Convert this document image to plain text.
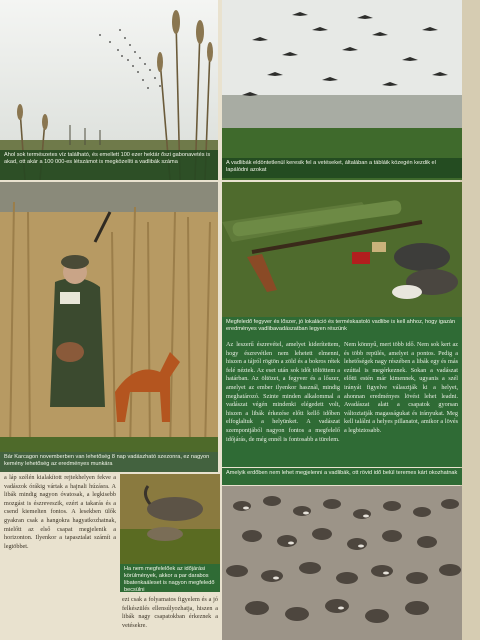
Ahol sok természetes víz található, és emellett 100 ezer hektár őszi gabonavetés is akad, ott akár a 100 000-es létszámot is megközelíti a vadlibák száma	A vadlibák eldöntetlenül keresik fel a vetéseket, általában a tábláik közegén kezdik el lapálódni azokat
Bár Karcagon novemberben van lehetőség 8 nap vadászható szezonra, ez nagyon kemény lehetőség az eredményes munkára
Megfeledő fegyver és lőszer, jó lokaláció és terméskastoló vadlibe is kell ahhoz, hogy igazán eredményes vadlibavadászatban legyen részünk
Az leszerű észrevétel, amelyet kiderítettem, hogy észrevétlen nem lehetett elmenni, hiszen a tájról rögtön a zöld és a bokros rétek felé néztek. Az eset után sok időt töltöttem a határban. Az öltözet, a fegyver és a lőszer, amelyet az ember ilyenkor használ, mindig meghatározó. Szinte minden alkalommal a vadászat végén mindenki elégedett volt, hiszen a libák érkezése előtt kellő időben elfoglaltuk a helyünket. A vadászat szempontjából nagyon fontos a megfelelő időjárás, de még ennél is fontosabb a türelem.
Nem könnyű, mert több idő. Nem sok kert az és több repülés, amelyet a pontos. Pedig a lehetőségek nagy részében a libák egy és más ezúttal is megérkeznek. Sokan a vadászat előtti estén már kimennek, ugyanis a szél irányát figyelve választják ki a helyet, ahonnan eredményes lövést lehet leadni. Avadászat alatt a csapatok gyorsan változtatják magasságukat és irányukat. Meg kell találni a helyes pillanatot, amikor a lövés a legbiztosabb.
Amelyik erdőben nem lehet megjelenni a vadlibák, ott rövid idő belül teremes kárt okozhatnak
a láp szélén kialakított rejtekhelyen fekve a vadászok órákig vártak a hajnali húzásra. A libák mindig nagyon óvatosak, a legkisebb mozgást is észreveszik, ezért a takarás és a csend kiemelten fontos. A lesekben ülők gyakran csak a hangokra hagyatkozhatnak, mielőtt az első csapat megjelenik a horizonton. Ilyenkor a tapasztalat számít a legtöbbet.
Ha nem megfelelőek az időjárási körülmények, akkor a par darabos libatenkaáleset is nagyon megfeledő becsülni
ezt csak a folyamatos figyelem és a jó felkészülés ellensúlyozhatja, hiszen a libák nagy csapatokban érkeznek a vetésekre.
